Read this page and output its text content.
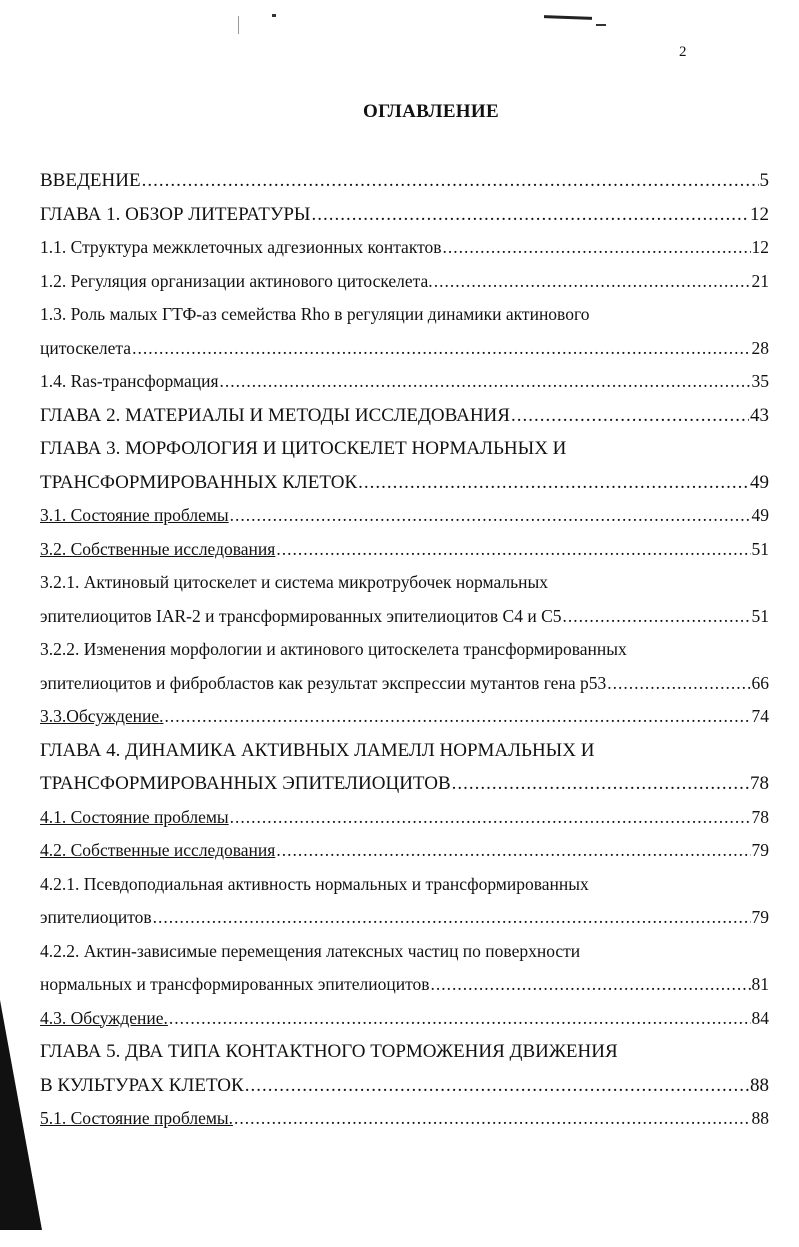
2
ОГЛАВЛЕНИЕ
ВВЕДЕНИЕ .....	5
ГЛАВА 1. ОБЗОР ЛИТЕРАТУРЫ .....	12
1.1. Структура межклеточных адгезионных контактов .....	12
1.2. Регуляция организации актинового цитоскелета. .....	21
1.3. Роль малых ГТФ-аз семейства Rho в регуляции динамики актинового
цитоскелета .....	28
1.4. Ras-трансформация .....	35
ГЛАВА 2. МАТЕРИАЛЫ И МЕТОДЫ ИССЛЕДОВАНИЯ .....	43
ГЛАВА 3. МОРФОЛОГИЯ И ЦИТОСКЕЛЕТ НОРМАЛЬНЫХ И
ТРАНСФОРМИРОВАННЫХ КЛЕТОК .....	49
3.1. Состояние проблемы .....	49
3.2. Собственные исследования .....	51
3.2.1. Актиновый цитоскелет и система микротрубочек нормальных
эпителиоцитов IAR-2 и трансформированных эпителиоцитов С4 и С5 .....	51
3.2.2. Изменения морфологии и актинового цитоскелета трансформированных
эпителиоцитов и фибробластов как результат экспрессии мутантов гена p53 .....	66
3.3.Обсуждение. .....	74
ГЛАВА 4. ДИНАМИКА АКТИВНЫХ ЛАМЕЛЛ НОРМАЛЬНЫХ И
ТРАНСФОРМИРОВАННЫХ ЭПИТЕЛИОЦИТОВ .....	78
4.1. Состояние проблемы .....	78
4.2. Собственные исследования .....	79
4.2.1. Псевдоподиальная активность нормальных и трансформированных
эпителиоцитов .....	79
4.2.2. Актин-зависимые перемещения латексных частиц по поверхности
нормальных и трансформированных эпителиоцитов .....	81
4.3. Обсуждение. .....	84
ГЛАВА 5. ДВА ТИПА КОНТАКТНОГО ТОРМОЖЕНИЯ ДВИЖЕНИЯ
В КУЛЬТУРАХ КЛЕТОК .....	88
5.1. Состояние проблемы. .....	88
